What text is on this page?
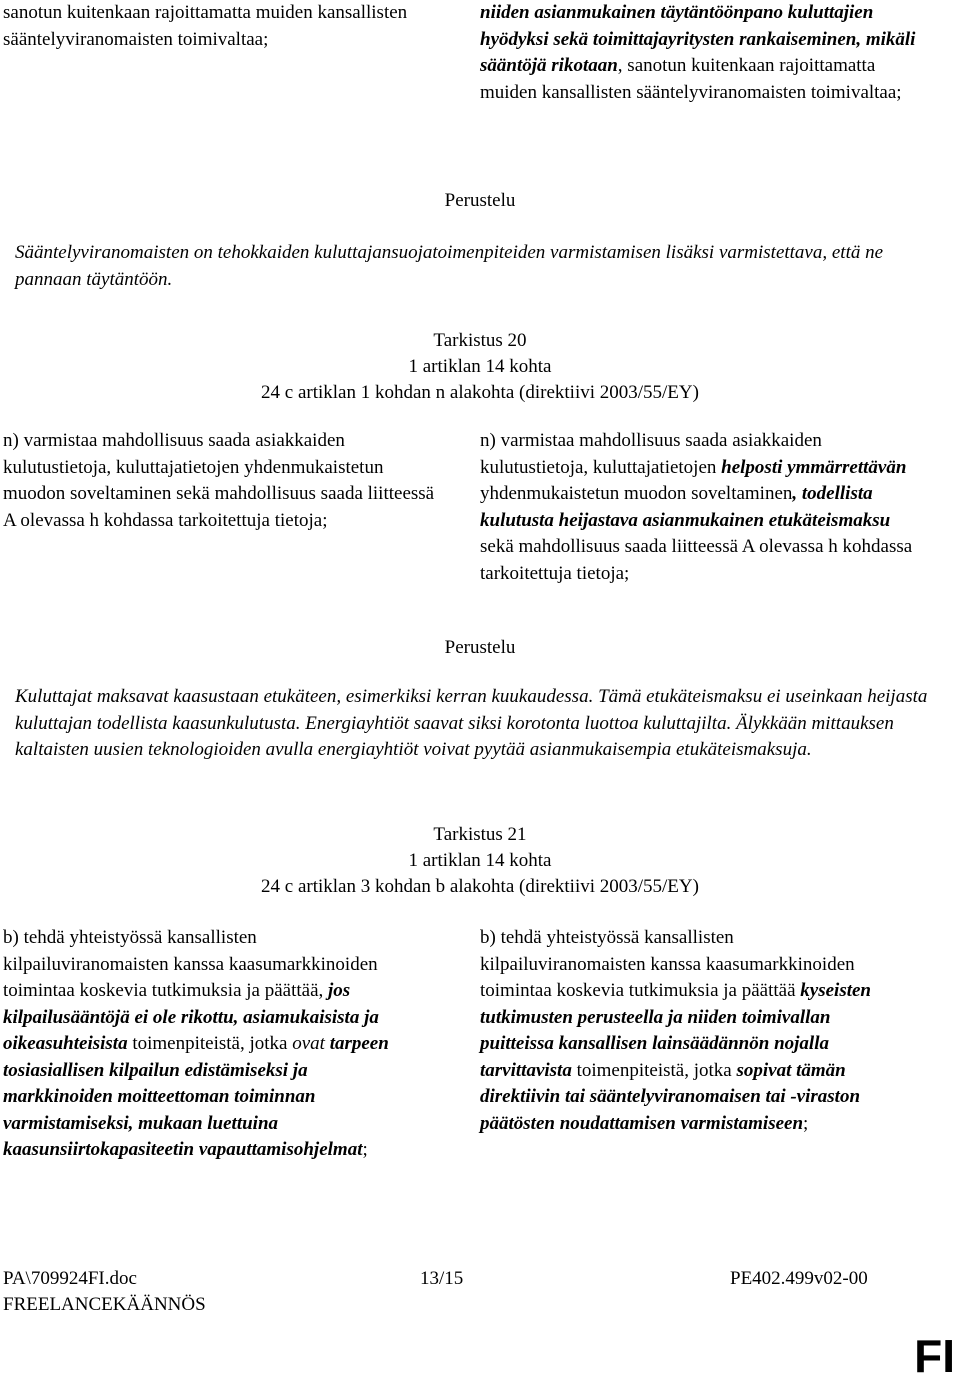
sanotun kuitenkaan rajoittamatta muiden kansallisten sääntelyviranomaisten toimivaltaa;
niiden asianmukainen täytäntöönpano kuluttajien hyödyksi sekä toimittajayritysten rankaiseminen, mikäli sääntöjä rikotaan, sanotun kuitenkaan rajoittamatta muiden kansallisten sääntelyviranomaisten toimivaltaa;
Perustelu
Sääntelyviranomaisten on tehokkaiden kuluttajansuojatoimenpiteiden varmistamisen lisäksi varmistettava, että ne pannaan täytäntöön.
Tarkistus 20
1 artiklan 14 kohta
24 c artiklan 1 kohdan n alakohta (direktiivi 2003/55/EY)
n) varmistaa mahdollisuus saada asiakkaiden kulutustietoja, kuluttajatietojen yhdenmukaistetun muodon soveltaminen sekä mahdollisuus saada liitteessä A olevassa h kohdassa tarkoitettuja tietoja;
n) varmistaa mahdollisuus saada asiakkaiden kulutustietoja, kuluttajatietojen helposti ymmärrettävän yhdenmukaistetun muodon soveltaminen, todellista kulutusta heijastava asianmukainen etukäteismaksu sekä mahdollisuus saada liitteessä A olevassa h kohdassa tarkoitettuja tietoja;
Perustelu
Kuluttajat maksavat kaasustaan etukäteen, esimerkiksi kerran kuukaudessa. Tämä etukäteismaksu ei useinkaan heijasta kuluttajan todellista kaasunkulutusta. Energiayhtiöt saavat siksi korotonta luottoa kuluttajilta. Älykkään mittauksen kaltaisten uusien teknologioiden avulla energiayhtiöt voivat pyytää asianmukaisempia etukäteismaksuja.
Tarkistus 21
1 artiklan 14 kohta
24 c artiklan 3 kohdan b alakohta (direktiivi 2003/55/EY)
b) tehdä yhteistyössä kansallisten kilpailuviranomaisten kanssa kaasumarkkinoiden toimintaa koskevia tutkimuksia ja päättää, jos kilpailusääntöjä ei ole rikottu, asiamukaisista ja oikeasuhteisista toimenpiteistä, jotka ovat tarpeen tosiasiallisen kilpailun edistämiseksi ja markkinoiden moitteettoman toiminnan varmistamiseksi, mukaan luettuina kaasunsiirtokapasiteetin vapauttamisohjelmat;
b) tehdä yhteistyössä kansallisten kilpailuviranomaisten kanssa kaasumarkkinoiden toimintaa koskevia tutkimuksia ja päättää kyseisten tutkimusten perusteella ja niiden toimivallan puitteissa kansallisen lainsäädännön nojalla tarvittavista toimenpiteistä, jotka sopivat tämän direktiivin tai sääntelyviranomaisen tai -viraston päätösten noudattamisen varmistamiseen;
PA\709924FI.doc	13/15	PE402.499v02-00
FREELANCEKÄÄNNÖS
FI
